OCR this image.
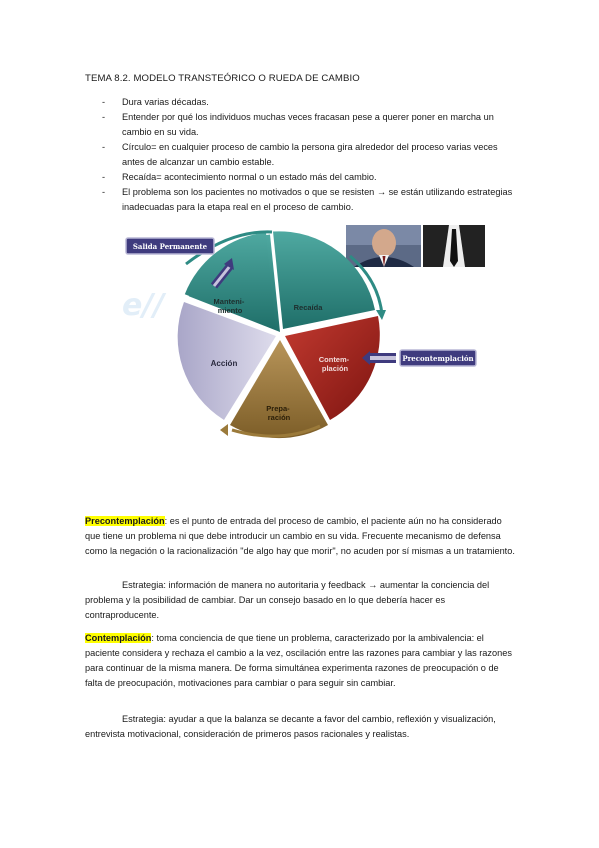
TEMA 8.2. MODELO TRANSTEÓRICO O RUEDA DE CAMBIO
- Dura varias décadas.
- Entender por qué los individuos muchas veces fracasan pese a querer poner en marcha un cambio en su vida.
- Círculo= en cualquier proceso de cambio la persona gira alrededor del proceso varias veces antes de alcanzar un cambio estable.
- Recaída= acontecimiento normal o un estado más del cambio.
- El problema son los pacientes no motivados o que se resisten → se están utilizando estrategias inadecuadas para la etapa real en el proceso de cambio.
e//	Manteni- miento	Recaída
Contem- plación
Prepa- ración
Acción
Salida Permanente
Precontemplación

Precontemplación: es el punto de entrada del proceso de cambio, el paciente aún no ha considerado que tiene un problema ni que debe introducir un cambio en su vida. Frecuente mecanismo de defensa como la negación o la racionalización "de algo hay que morir", no acuden por sí mismas a un tratamiento.

Estrategia: información de manera no autoritaria y feedback → aumentar la conciencia del problema y la posibilidad de cambiar. Dar un consejo basado en lo que debería hacer es contraproducente.

Contemplación: toma conciencia de que tiene un problema, caracterizado por la ambivalencia: el paciente considera y rechaza el cambio a la vez, oscilación entre las razones para cambiar y las razones para continuar de la misma manera. De forma simultánea experimenta razones de preocupación o de falta de preocupación, motivaciones para cambiar o para seguir sin cambiar.

Estrategia: ayudar a que la balanza se decante a favor del cambio, reflexión y visualización, entrevista motivacional, consideración de primeros pasos racionales y realistas.
